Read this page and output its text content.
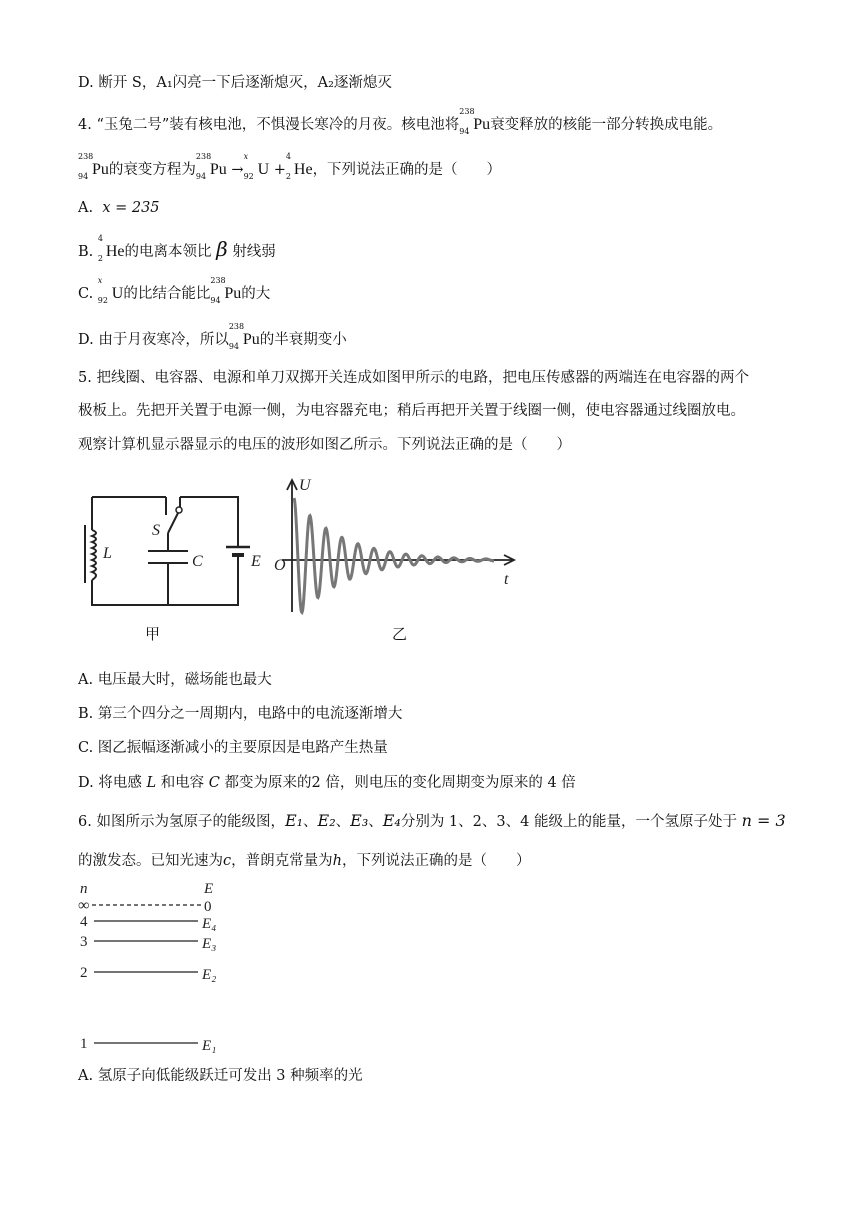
D. 断开 S，A₁闪亮一下后逐渐熄灭，A₂逐渐熄灭
4. “玉兔二号”装有核电池，不惧漫长寒冷的月夜。核电池将
238
94 Pu衰变释放的核能一部分转换成电能。
238
94 Pu的衰变方程为
238
94 Pu →
x
92 U +
4
2 He，下列说法正确的是（　　）
A. x = 235
B.
4
2 He的电离本领比 β 射线弱
C.
x
92 U的比结合能比
238
94 Pu的大
D. 由于月夜寒冷，所以
238
94 Pu的半衰期变小
5. 把线圈、电容器、电源和单刀双掷开关连成如图甲所示的电路，把电压传感器的两端连在电容器的两个
极板上。先把开关置于电源一侧，为电容器充电；稍后再把开关置于线圈一侧，使电容器通过线圈放电。
观察计算机显示器显示的电压的波形如图乙所示。下列说法正确的是（　　）
L
S
C	E
甲
U
O
t
乙
A. 电压最大时，磁场能也最大
B. 第三个四分之一周期内，电路中的电流逐渐增大
C. 图乙振幅逐渐减小的主要原因是电路产生热量
D. 将电感 L 和电容 C 都变为原来的2 倍，则电压的变化周期变为原来的 4 倍
6. 如图所示为氢原子的能级图，E₁、E₂、E₃、E₄分别为 1、2、3、4 能级上的能量，一个氢原子处于 n = 3
的激发态。已知光速为c，普朗克常量为h，下列说法正确的是（　　）
n	E
∞	0
4	E₄
3	E₃
2	E₂
1	E₁
A. 氢原子向低能级跃迁可发出 3 种频率的光
